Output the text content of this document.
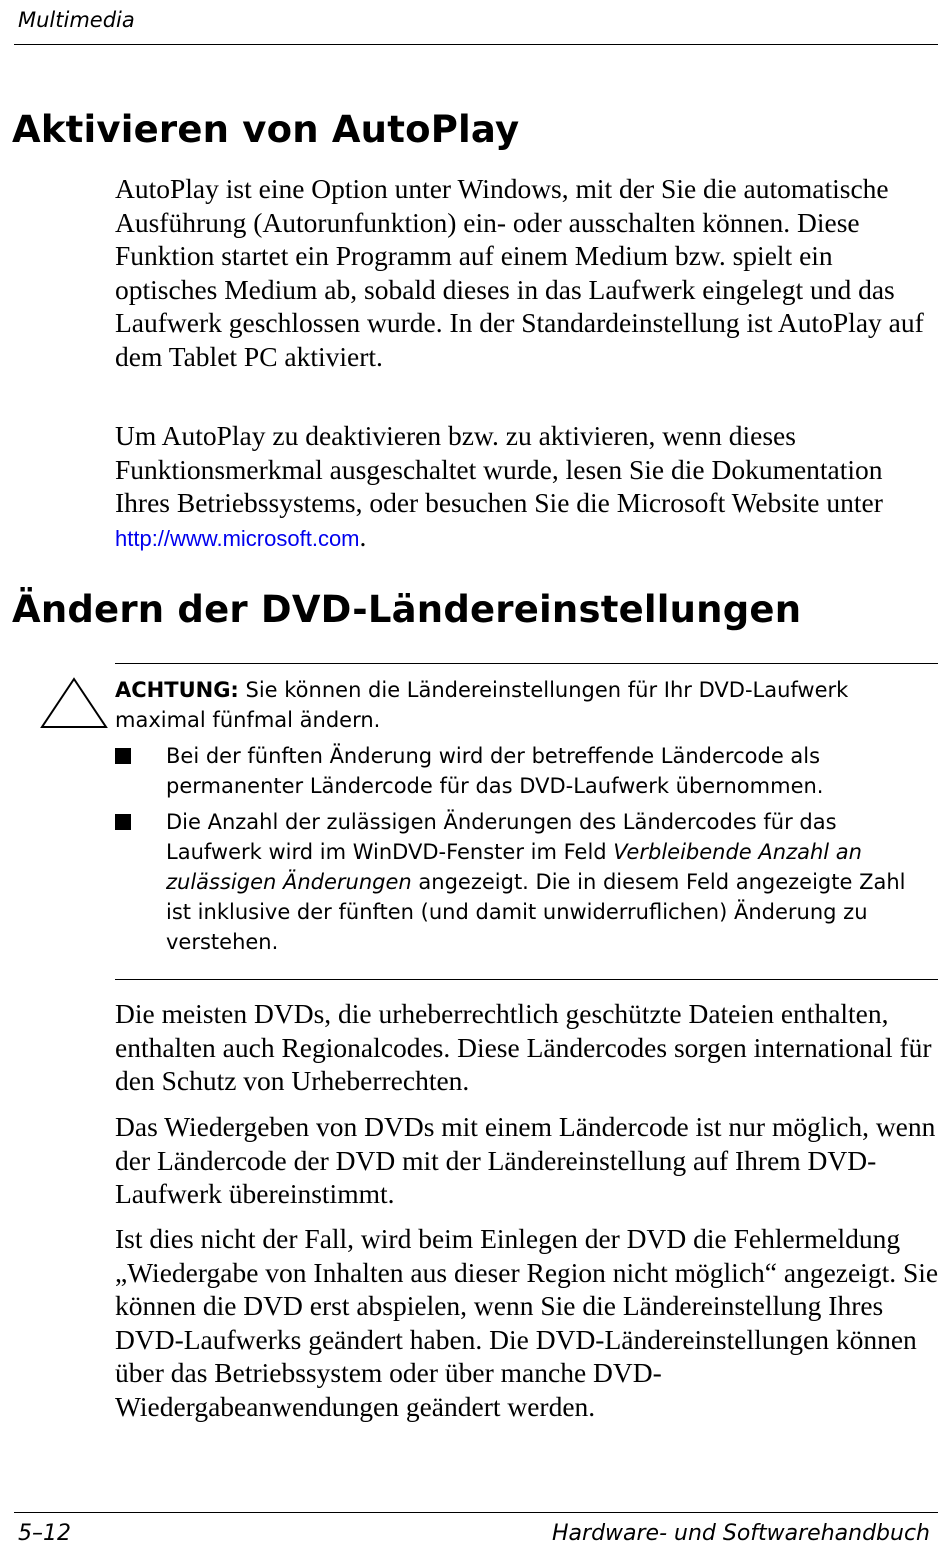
Multimedia
Aktivieren von AutoPlay

AutoPlay ist eine Option unter Windows, mit der Sie die automatische Ausführung (Autorunfunktion) ein- oder ausschalten können. Diese Funktion startet ein Programm auf einem Medium bzw. spielt ein optisches Medium ab, sobald dieses in das Laufwerk eingelegt und das Laufwerk geschlossen wurde. In der Standardeinstellung ist AutoPlay auf dem Tablet PC aktiviert.

Um AutoPlay zu deaktivieren bzw. zu aktivieren, wenn dieses Funktionsmerkmal ausgeschaltet wurde, lesen Sie die Dokumentation Ihres Betriebssystems, oder besuchen Sie die Microsoft Website unter http://www.microsoft.com.

Ändern der DVD-Ländereinstellungen
ACHTUNG: Sie können die Ländereinstellungen für Ihr DVD-Laufwerk maximal fünfmal ändern.
Bei der fünften Änderung wird der betreffende Ländercode als permanenter Ländercode für das DVD-Laufwerk übernommen.
Die Anzahl der zulässigen Änderungen des Ländercodes für das Laufwerk wird im WinDVD-Fenster im Feld Verbleibende Anzahl an zulässigen Änderungen angezeigt. Die in diesem Feld angezeigte Zahl ist inklusive der fünften (und damit unwiderruflichen) Änderung zu verstehen.

Die meisten DVDs, die urheberrechtlich geschützte Dateien enthalten, enthalten auch Regionalcodes. Diese Ländercodes sorgen international für den Schutz von Urheberrechten.

Das Wiedergeben von DVDs mit einem Ländercode ist nur möglich, wenn der Ländercode der DVD mit der Ländereinstellung auf Ihrem DVD-Laufwerk übereinstimmt.

Ist dies nicht der Fall, wird beim Einlegen der DVD die Fehlermeldung „Wiedergabe von Inhalten aus dieser Region nicht möglich“ angezeigt. Sie können die DVD erst abspielen, wenn Sie die Ländereinstellung Ihres DVD-Laufwerks geändert haben. Die DVD-Ländereinstellungen können über das Betriebssystem oder über manche DVD-Wiedergabeanwendungen geändert werden.

5–12	Hardware- und Softwarehandbuch
